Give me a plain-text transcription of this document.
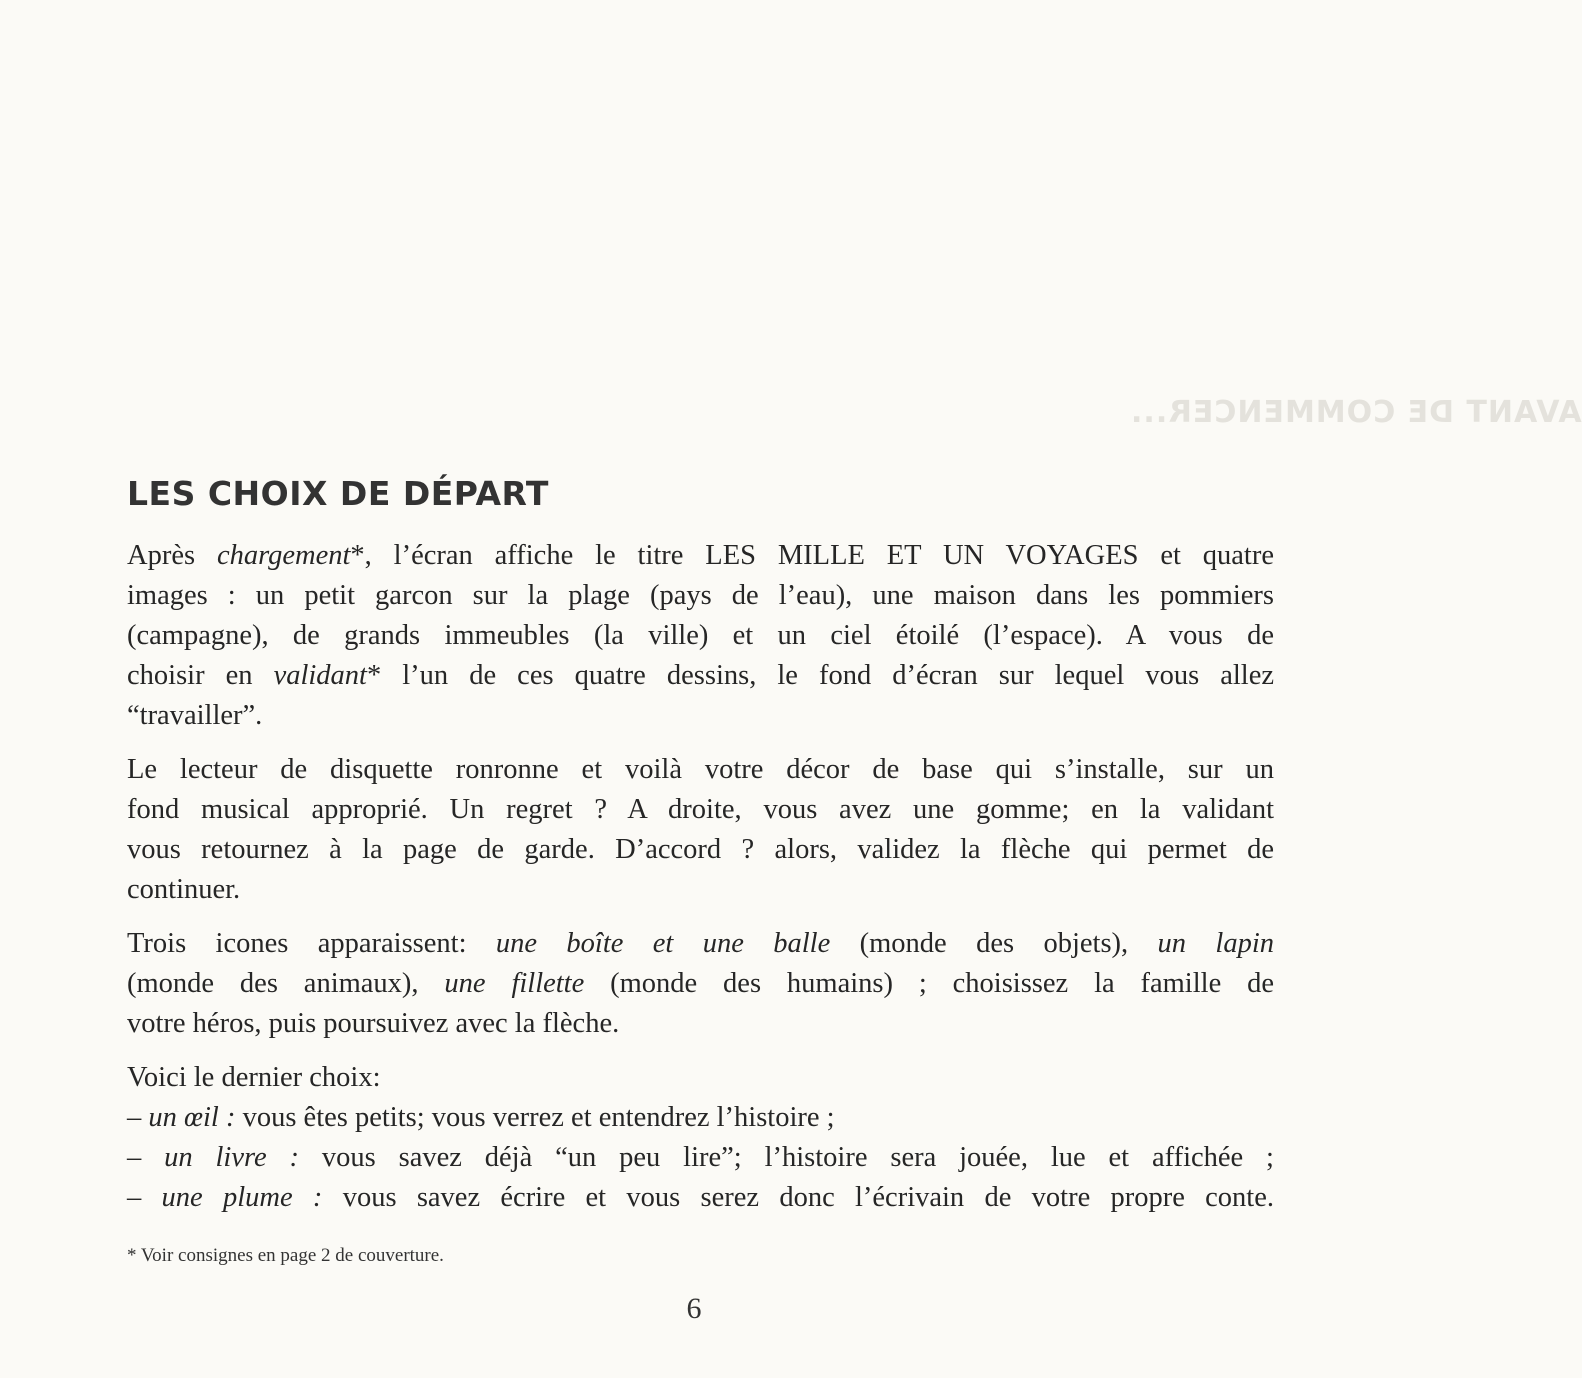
AVANT DE COMMENCER...
LES CHOIX DE DÉPART
Après chargement*, l’écran affiche le titre LES MILLE ET UN VOYAGES et quatre
images : un petit garcon sur la plage (pays de l’eau), une maison dans les pommiers
(campagne), de grands immeubles (la ville) et un ciel étoilé (l’espace). A vous de
choisir en validant* l’un de ces quatre dessins, le fond d’écran sur lequel vous allez
“travailler”.
Le lecteur de disquette ronronne et voilà votre décor de base qui s’installe, sur un
fond musical approprié. Un regret ? A droite, vous avez une gomme; en la validant
vous retournez à la page de garde. D’accord ? alors, validez la flèche qui permet de
continuer.
Trois icones apparaissent: une boîte et une balle (monde des objets), un lapin
(monde des animaux), une fillette (monde des humains) ; choisissez la famille de
votre héros, puis poursuivez avec la flèche.
Voici le dernier choix:
– un œil : vous êtes petits; vous verrez et entendrez l’histoire ;
– un livre : vous savez déjà “un peu lire”; l’histoire sera jouée, lue et affichée ;
– une plume : vous savez écrire et vous serez donc l’écrivain de votre propre conte.
* Voir consignes en page 2 de couverture.
6
